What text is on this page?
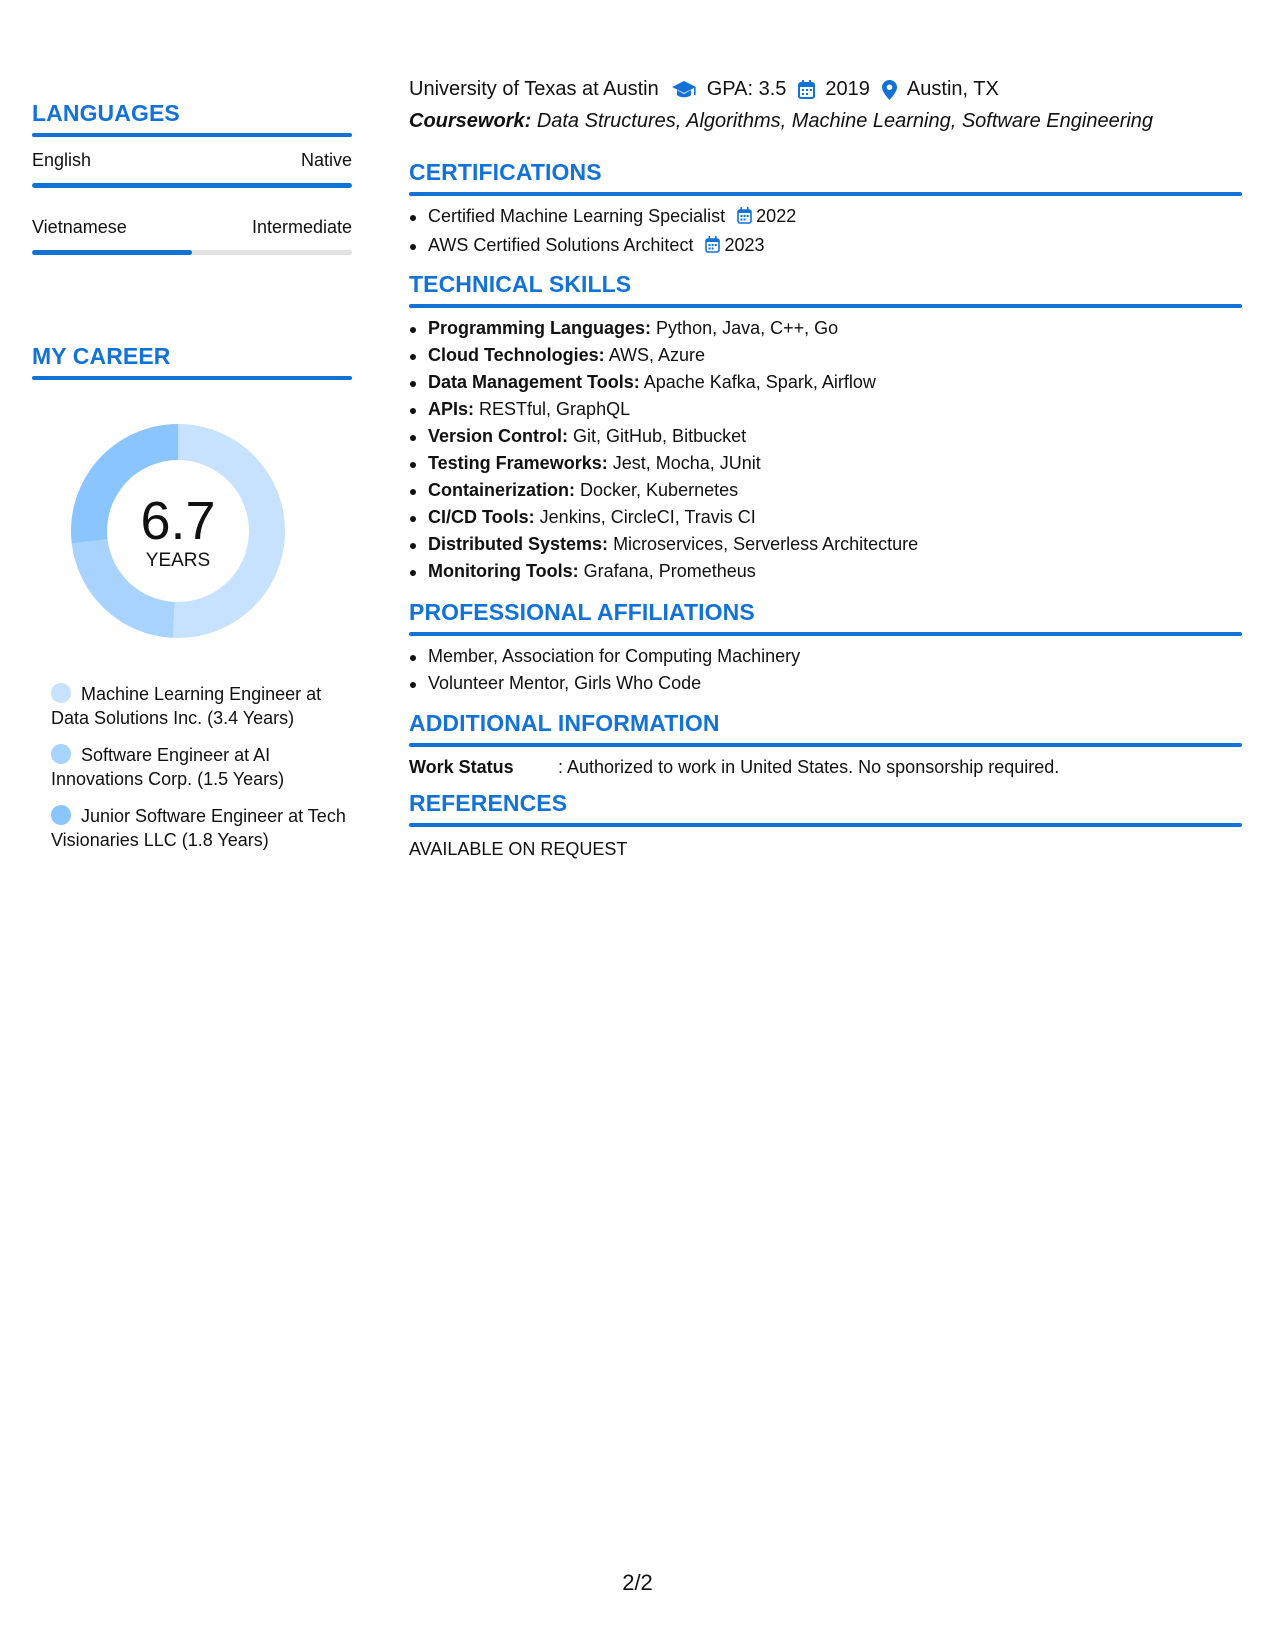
LANGUAGES
English	Native
Vietnamese	Intermediate
MY CAREER
6.7
YEARS
Machine Learning Engineer at Data Solutions Inc. (3.4 Years)
Software Engineer at AI Innovations Corp. (1.5 Years)
Junior Software Engineer at Tech Visionaries LLC (1.8 Years)
University of Texas at Austin GPA: 3.5 2019 Austin, TX
Coursework: Data Structures, Algorithms, Machine Learning, Software Engineering
CERTIFICATIONS
Certified Machine Learning Specialist 2022
AWS Certified Solutions Architect 2023
TECHNICAL SKILLS
Programming Languages: Python, Java, C++, Go
Cloud Technologies: AWS, Azure
Data Management Tools: Apache Kafka, Spark, Airflow
APIs: RESTful, GraphQL
Version Control: Git, GitHub, Bitbucket
Testing Frameworks: Jest, Mocha, JUnit
Containerization: Docker, Kubernetes
CI/CD Tools: Jenkins, CircleCI, Travis CI
Distributed Systems: Microservices, Serverless Architecture
Monitoring Tools: Grafana, Prometheus
PROFESSIONAL AFFILIATIONS
Member, Association for Computing Machinery
Volunteer Mentor, Girls Who Code
ADDITIONAL INFORMATION
Work Status : Authorized to work in United States. No sponsorship required.
REFERENCES
AVAILABLE ON REQUEST
2/2
